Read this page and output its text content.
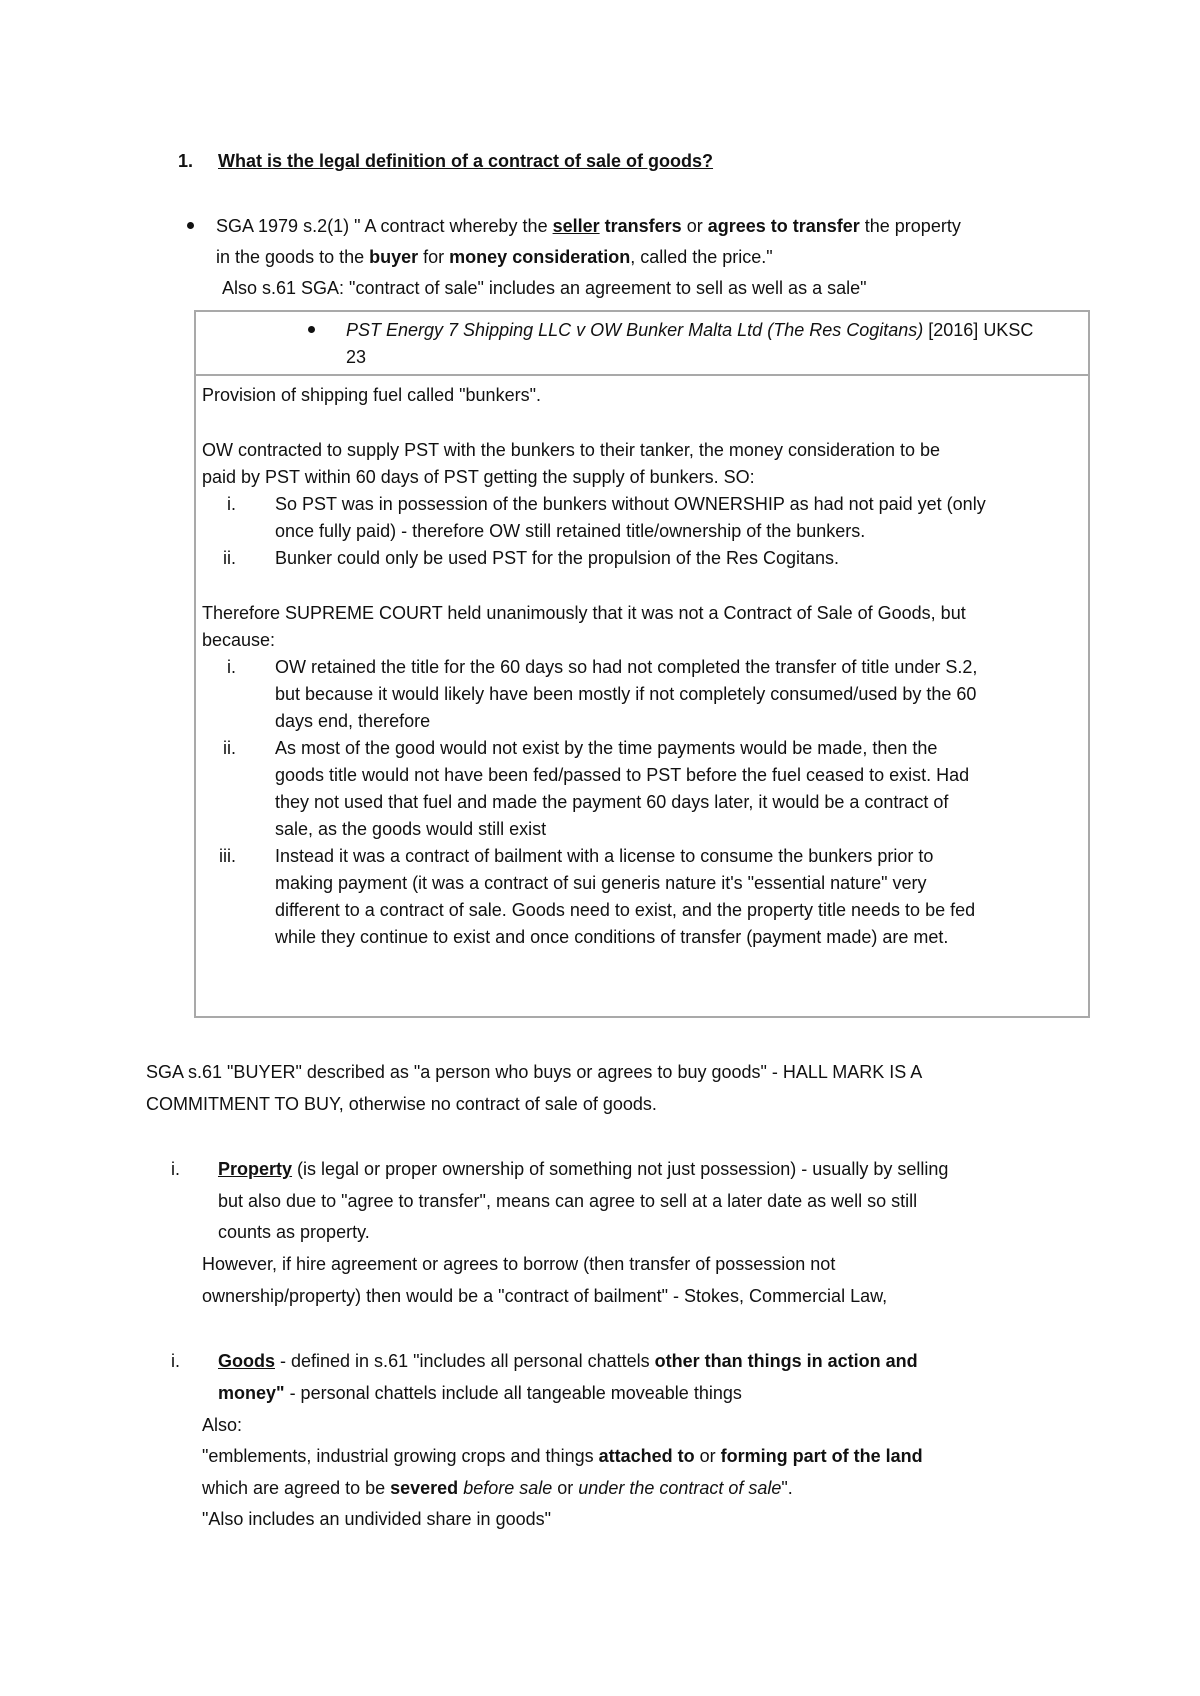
1. What is the legal definition of a contract of sale of goods?
SGA 1979 s.2(1) " A contract whereby the seller transfers or agrees to transfer the property
in the goods to the buyer for money consideration, called the price."
Also s.61 SGA: "contract of sale" includes an agreement to sell as well as a sale"
PST Energy 7 Shipping LLC v OW Bunker Malta Ltd (The Res Cogitans) [2016] UKSC
23
Provision of shipping fuel called "bunkers".
OW contracted to supply PST with the bunkers to their tanker, the money consideration to be
paid by PST within 60 days of PST getting the supply of bunkers. SO:
i. So PST was in possession of the bunkers without OWNERSHIP as had not paid yet (only
once fully paid) - therefore OW still retained title/ownership of the bunkers.
ii. Bunker could only be used PST for the propulsion of the Res Cogitans.
Therefore SUPREME COURT held unanimously that it was not a Contract of Sale of Goods, but
because:
i. OW retained the title for the 60 days so had not completed the transfer of title under S.2,
but because it would likely have been mostly if not completely consumed/used by the 60
days end, therefore
ii. As most of the good would not exist by the time payments would be made, then the
goods title would not have been fed/passed to PST before the fuel ceased to exist. Had
they not used that fuel and made the payment 60 days later, it would be a contract of
sale, as the goods would still exist
iii. Instead it was a contract of bailment with a license to consume the bunkers prior to
making payment (it was a contract of sui generis nature it's "essential nature" very
different to a contract of sale. Goods need to exist, and the property title needs to be fed
while they continue to exist and once conditions of transfer (payment made) are met.
SGA s.61 "BUYER" described as "a person who buys or agrees to buy goods" - HALL MARK IS A
COMMITMENT TO BUY, otherwise no contract of sale of goods.
i. Property (is legal or proper ownership of something not just possession) - usually by selling
but also due to "agree to transfer", means can agree to sell at a later date as well so still
counts as property.
However, if hire agreement or agrees to borrow (then transfer of possession not
ownership/property) then would be a "contract of bailment" - Stokes, Commercial Law,
i. Goods - defined in s.61 "includes all personal chattels other than things in action and
money" - personal chattels include all tangeable moveable things
Also:
"emblements, industrial growing crops and things attached to or forming part of the land
which are agreed to be severed before sale or under the contract of sale".
"Also includes an undivided share in goods"
